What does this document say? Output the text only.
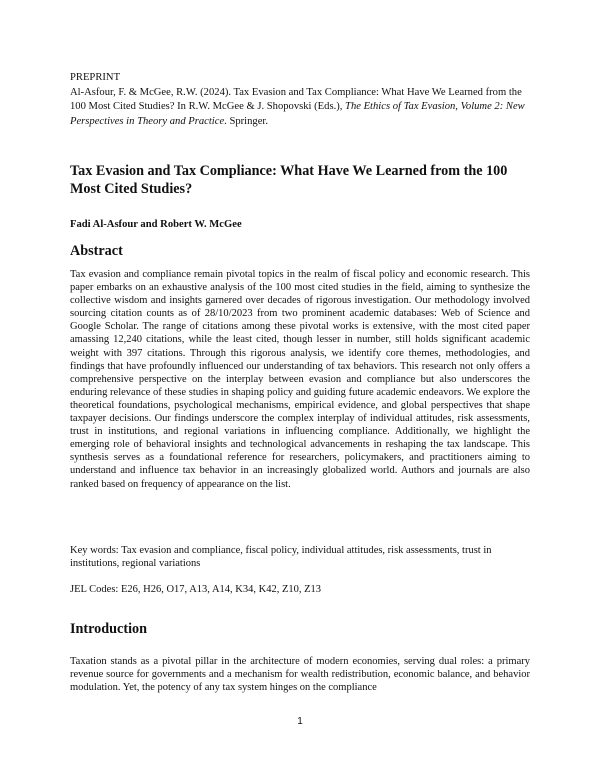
PREPRINT

Al-Asfour, F. & McGee, R.W. (2024). Tax Evasion and Tax Compliance: What Have We Learned from the 100 Most Cited Studies? In R.W. McGee & J. Shopovski (Eds.), The Ethics of Tax Evasion, Volume 2: New Perspectives in Theory and Practice. Springer.

Tax Evasion and Tax Compliance: What Have We Learned from the 100 Most Cited Studies?

Fadi Al-Asfour and Robert W. McGee

Abstract

Tax evasion and compliance remain pivotal topics in the realm of fiscal policy and economic research. This paper embarks on an exhaustive analysis of the 100 most cited studies in the field, aiming to synthesize the collective wisdom and insights garnered over decades of rigorous investigation. Our methodology involved sourcing citation counts as of 28/10/2023 from two prominent academic databases: Web of Science and Google Scholar. The range of citations among these pivotal works is extensive, with the most cited paper amassing 12,240 citations, while the least cited, though lesser in number, still holds significant academic weight with 397 citations. Through this rigorous analysis, we identify core themes, methodologies, and findings that have profoundly influenced our understanding of tax behaviors. This research not only offers a comprehensive perspective on the interplay between evasion and compliance but also underscores the enduring relevance of these studies in shaping policy and guiding future academic endeavors. We explore the theoretical foundations, psychological mechanisms, empirical evidence, and global perspectives that shape taxpayer decisions. Our findings underscore the complex interplay of individual attitudes, risk assessments, trust in institutions, and regional variations in influencing compliance. Additionally, we highlight the emerging role of behavioral insights and technological advancements in reshaping the tax landscape. This synthesis serves as a foundational reference for researchers, policymakers, and practitioners aiming to understand and influence tax behavior in an increasingly globalized world. Authors and journals are also ranked based on frequency of appearance on the list.

Key words: Tax evasion and compliance, fiscal policy, individual attitudes, risk assessments, trust in institutions, regional variations

JEL Codes: E26, H26, O17, A13, A14, K34, K42, Z10, Z13

Introduction

Taxation stands as a pivotal pillar in the architecture of modern economies, serving dual roles: a primary revenue source for governments and a mechanism for wealth redistribution, economic balance, and behavior modulation. Yet, the potency of any tax system hinges on the compliance

1
